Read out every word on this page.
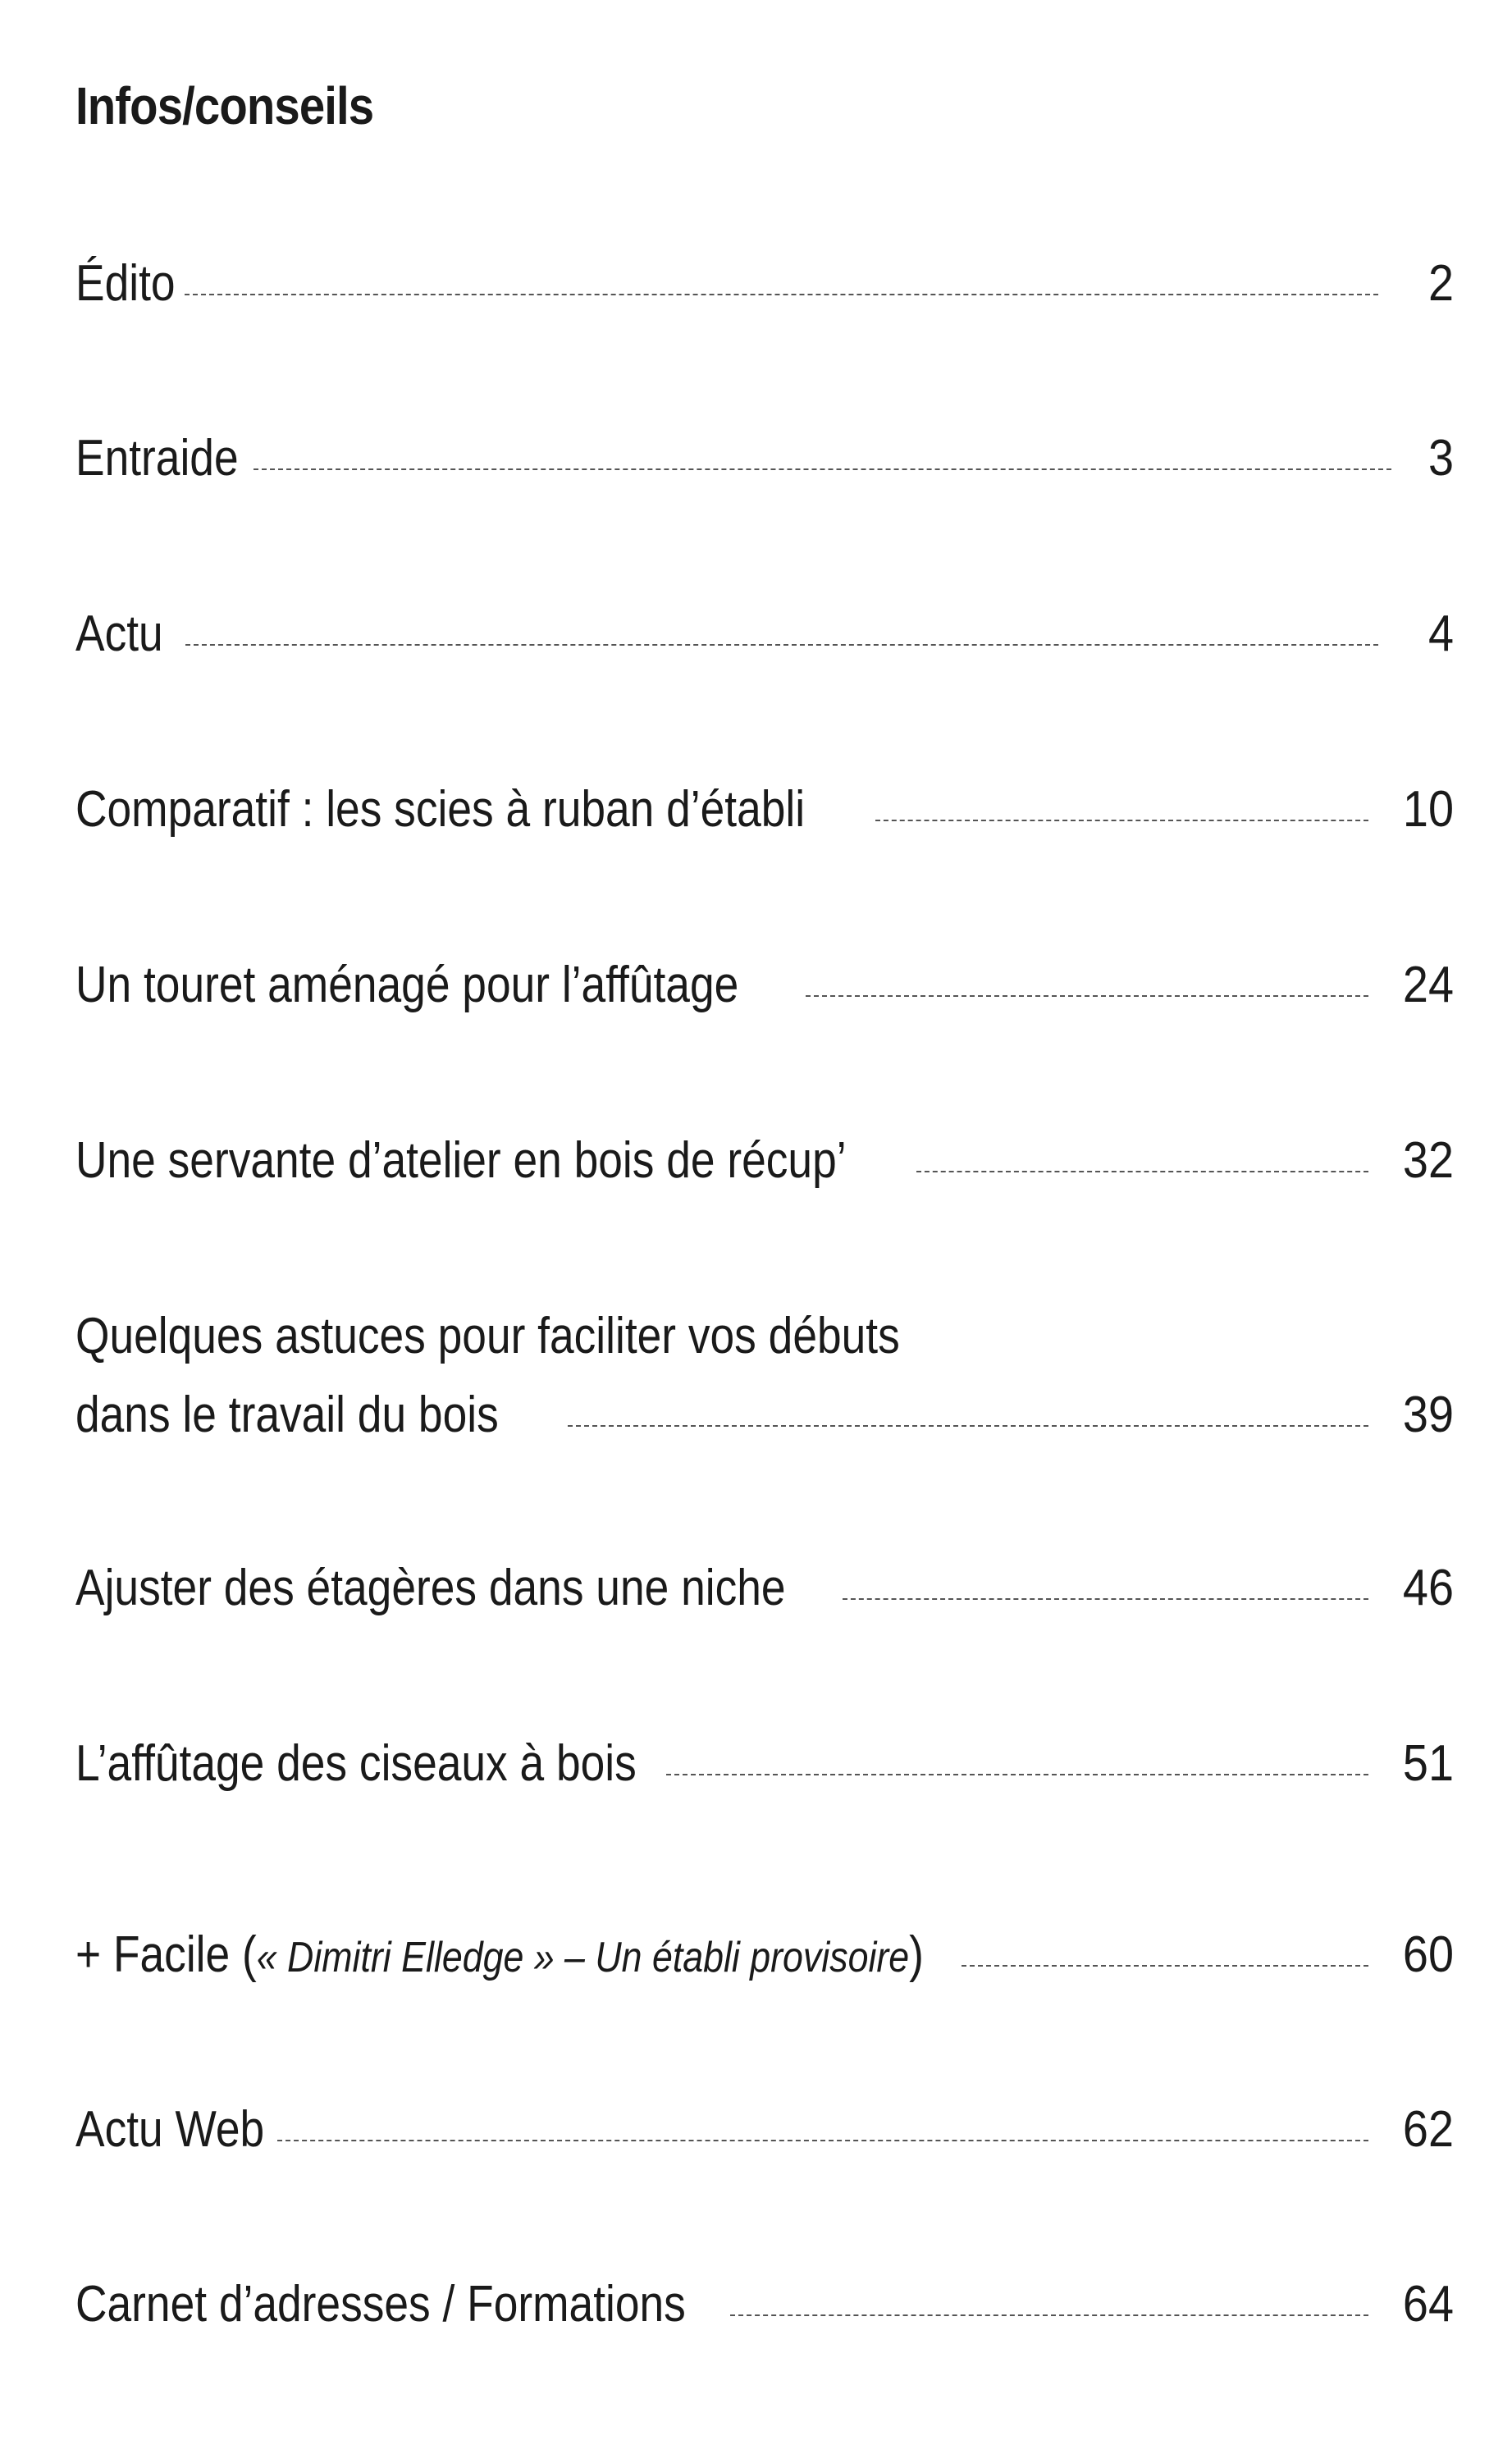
Infos/conseils
Édito	2
Entraide	3
Actu	4
Comparatif : les scies à ruban d’établi	10
Un touret aménagé pour l’affûtage	24
Une servante d’atelier en bois de récup’	32
Quelques astuces pour faciliter vos débuts
dans le travail du bois	39
Ajuster des étagères dans une niche	46
L’affûtage des ciseaux à bois	51
+ Facile (« Dimitri Elledge » – Un établi provisoire)	60
Actu Web	62
Carnet d’adresses / Formations	64
